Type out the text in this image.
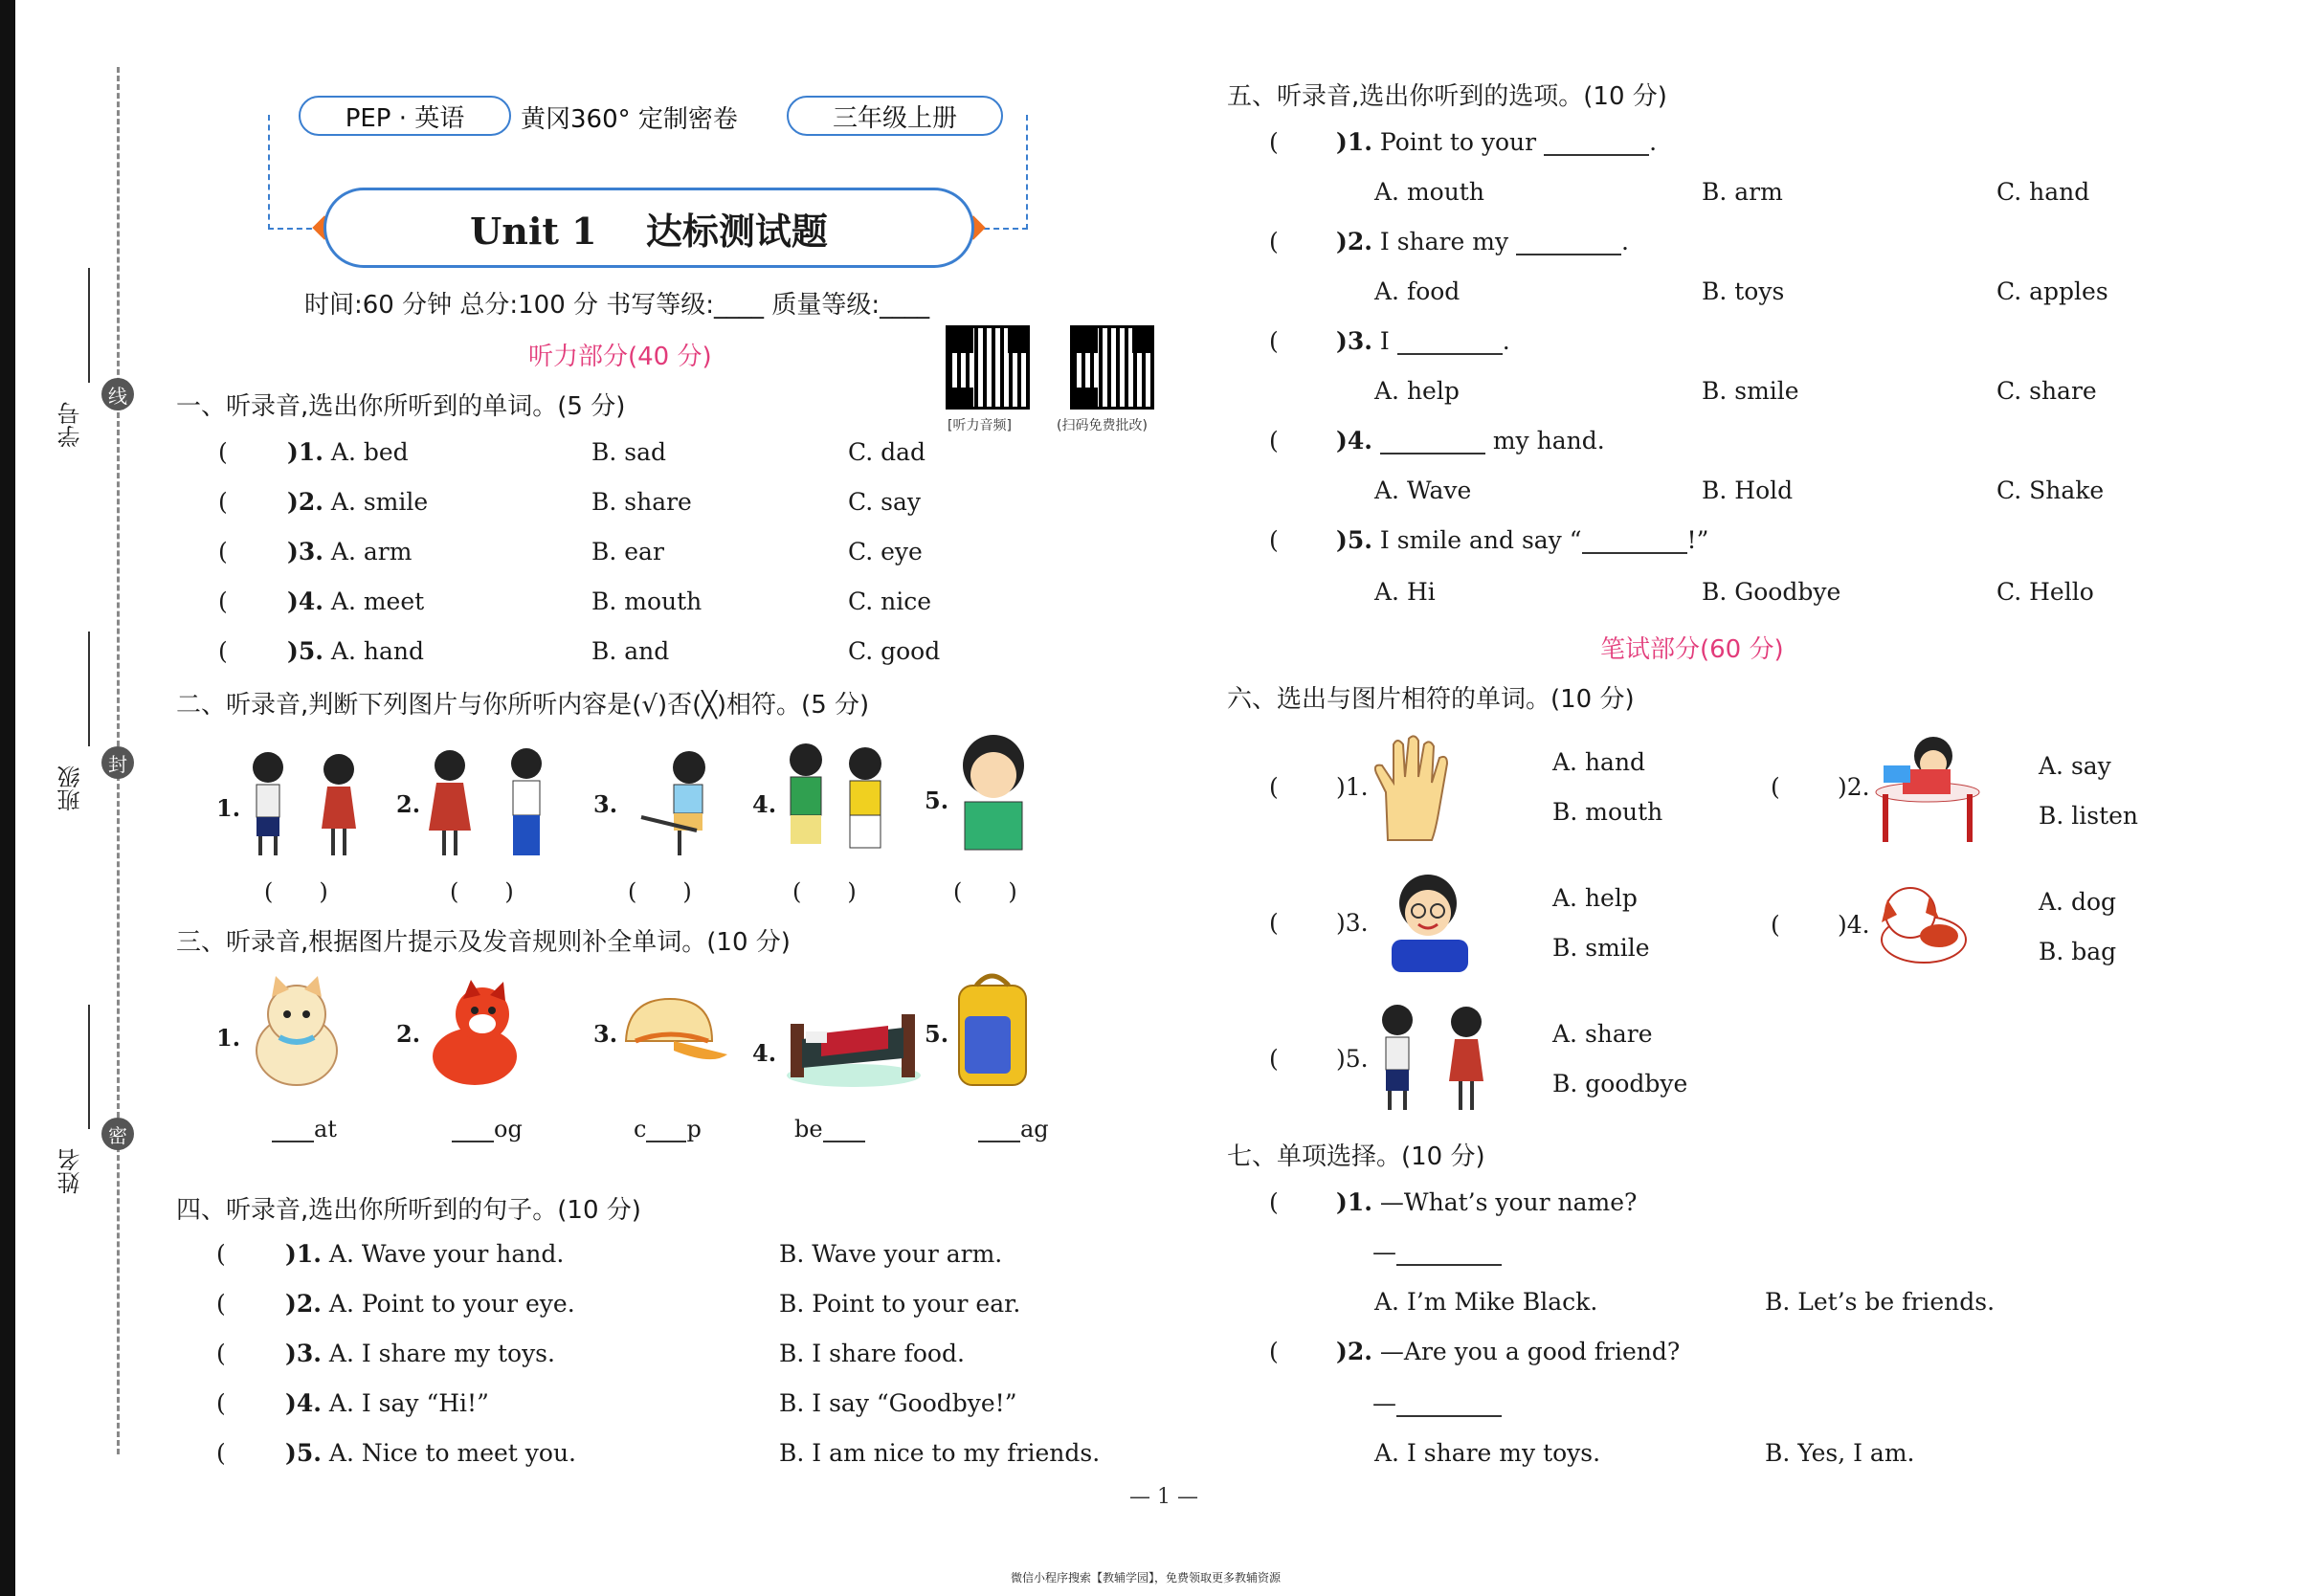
学号
班级
姓名
线
封
密
PEP · 英语	黄冈360° 定制密卷	三年级上册
Unit 1　 达标测试题
时间:60 分钟 总分:100 分 书写等级:____ 质量等级:____
听力部分(40 分)
[听力音频]	(扫码免费批改)
一、听录音,选出你所听到的单词。(5 分)
( )1. A. bed	B. sad	C. dad
( )2. A. smile	B. share	C. say
( )3. A. arm	B. ear	C. eye
( )4. A. meet	B. mouth	C. nice
( )5. A. hand	B. and	C. good
二、听录音,判断下列图片与你所听内容是(√)否(╳)相符。(5 分)
1.	2.	3.	4.	5.
(　　)	(　　)	(　　)	(　　)	(　　)
三、听录音,根据图片提示及发音规则补全单词。(10 分)
1.	2.	3.
4.
5.
at	og	c p	be	ag
四、听录音,选出你所听到的句子。(10 分)
( )1. A. Wave your hand.	B. Wave your arm.
( )2. A. Point to your eye.	B. Point to your ear.
( )3. A. I share my toys.	B. I share food.
( )4. A. I say “Hi!”	B. I say “Goodbye!”
( )5. A. Nice to meet you.	B. I am nice to my friends.
五、听录音,选出你听到的选项。(10 分)
( )1. Point to your	.
A. mouth	B. arm	C. hand
( )2. I share my	.
A. food	B. toys	C. apples
( )3. I	.
A. help	B. smile	C. share
( )4.	my hand.
A. Wave	B. Hold	C. Shake
( )5. I smile and say “	!”
A. Hi	B. Goodbye	C. Hello
笔试部分(60 分)
六、选出与图片相符的单词。(10 分)
( )1.
A. hand
B. mouth
( )2.
A. say
B. listen
( )3.
A. help
B. smile
( )4.
A. dog
B. bag
( )5.
A. share
B. goodbye
七、单项选择。(10 分)
( )1. —What’s your name?
—
A. I’m Mike Black.	B. Let’s be friends.
( )2. —Are you a good friend?
—
A. I share my toys.	B. Yes, I am.
— 1 —
微信小程序搜索【教辅学园】，免费领取更多教辅资源
